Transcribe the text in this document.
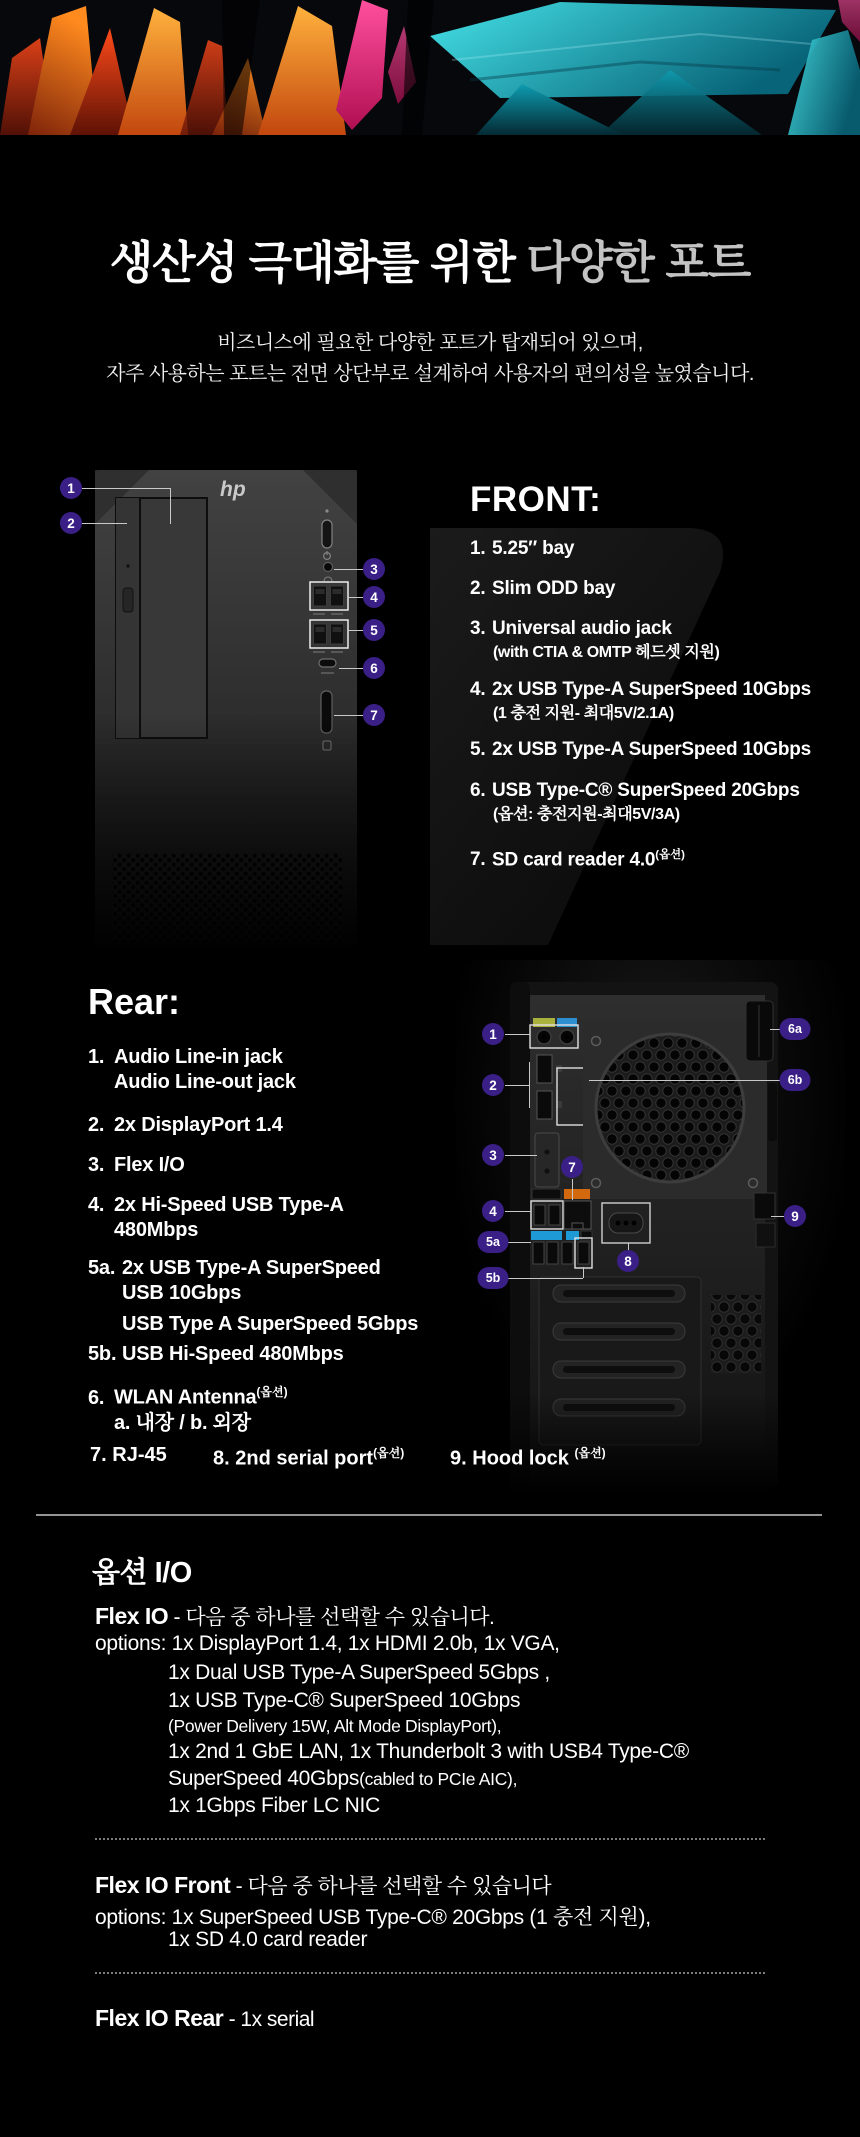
생산성 극대화를 위한 다양한 포트
비즈니스에 필요한 다양한 포트가 탑재되어 있으며,
자주 사용하는 포트는 전면 상단부로 설계하여 사용자의 편의성을 높였습니다.
hp
1
2
3
4
5
6
7
FRONT:
1. 5.25″ bay
2. Slim ODD bay
3. Universal audio jack
(with CTIA & OMTP 헤드셋 지원)
4. 2x USB Type-A SuperSpeed 10Gbps
(1 충전 지원- 최대5V/2.1A)
5. 2x USB Type-A SuperSpeed 10Gbps
6. USB Type-C® SuperSpeed 20Gbps
(옵션: 충전지원-최대5V/3A)
7. SD card reader $4.0^{(옵션)}$
1
2
3
4
5a
5b
7
8
6a
6b
9
Rear:
1. Audio Line-in jack
Audio Line-out jack
2. 2x DisplayPort 1.4
3. Flex I/O
4. 2x Hi-Speed USB Type-A
480Mbps
5a. 2x USB Type-A SuperSpeed
USB 10Gbps
USB Type A SuperSpeed 5Gbps
5b. USB Hi-Speed 480Mbps
6. WLAN Antenna$^{(옵션)}$
a. 내장 / b. 외장
7. RJ-45 8. 2nd serial port$^{(옵션)}$ 9. Hood lock $^{(옵션)}$
옵션 I/O
Flex IO - 다음 중 하나를 선택할 수 있습니다.
options: 1x DisplayPort 1.4, 1x HDMI 2.0b, 1x VGA,
1x Dual USB Type-A SuperSpeed 5Gbps ,
1x USB Type-C® SuperSpeed 10Gbps
(Power Delivery 15W, Alt Mode DisplayPort),
1x 2nd 1 GbE LAN, 1x Thunderbolt 3 with USB4 Type-C®
SuperSpeed 40Gbps(cabled to PCIe AIC),
1x 1Gbps Fiber LC NIC
Flex IO Front - 다음 중 하나를 선택할 수 있습니다
options: 1x SuperSpeed USB Type-C® 20Gbps (1 충전 지원),
1x SD 4.0 card reader
Flex IO Rear - 1x serial
